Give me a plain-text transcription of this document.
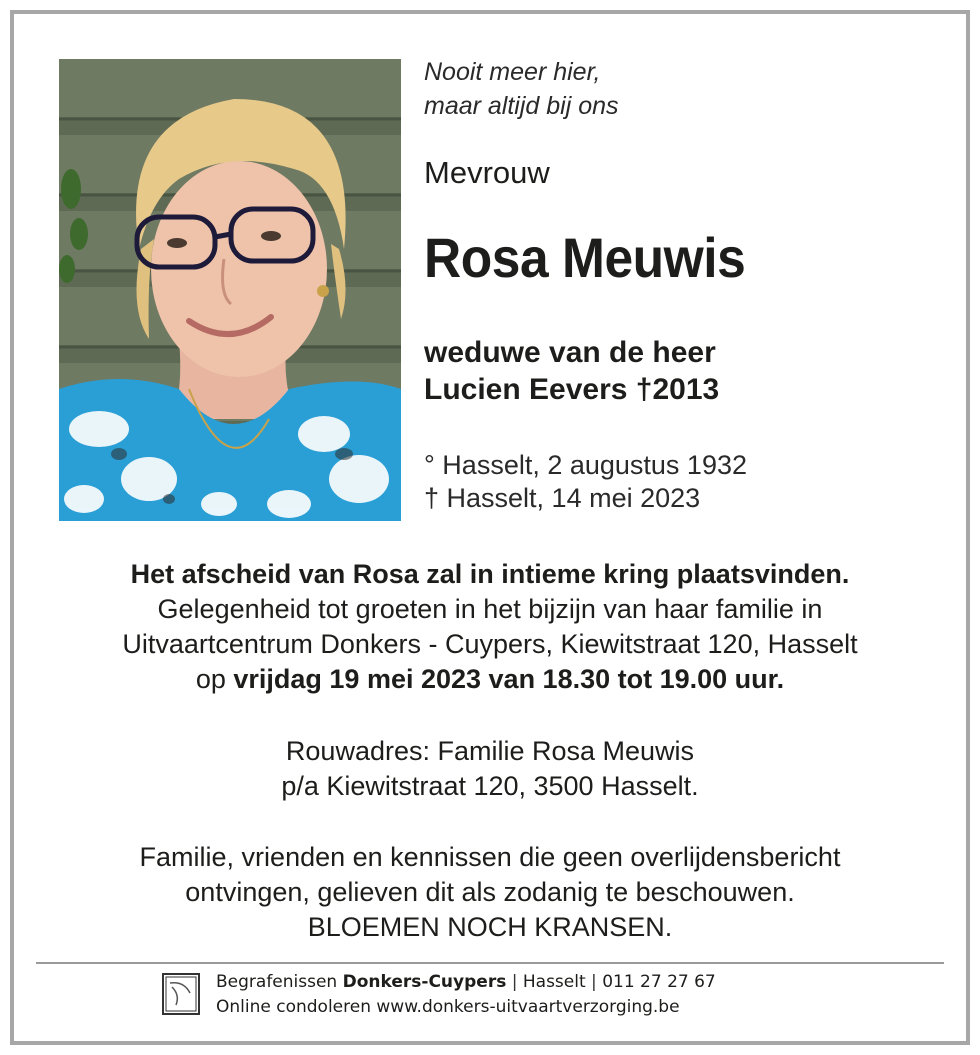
Nooit meer hier,
maar altijd bij ons
Mevrouw
Rosa Meuwis
weduwe van de heer
Lucien Eevers †2013
° Hasselt, 2 augustus 1932
† Hasselt, 14 mei 2023
Het afscheid van Rosa zal in intieme kring plaatsvinden.
Gelegenheid tot groeten in het bijzijn van haar familie in
Uitvaartcentrum Donkers - Cuypers, Kiewitstraat 120, Hasselt
op vrijdag 19 mei 2023 van 18.30 tot 19.00 uur.
Rouwadres: Familie Rosa Meuwis
p/a Kiewitstraat 120, 3500 Hasselt.
Familie, vrienden en kennissen die geen overlijdensbericht
ontvingen, gelieven dit als zodanig te beschouwen.
BLOEMEN NOCH KRANSEN.
Begrafenissen Donkers-Cuypers | Hasselt | 011 27 27 67
Online condoleren www.donkers-uitvaartverzorging.be
